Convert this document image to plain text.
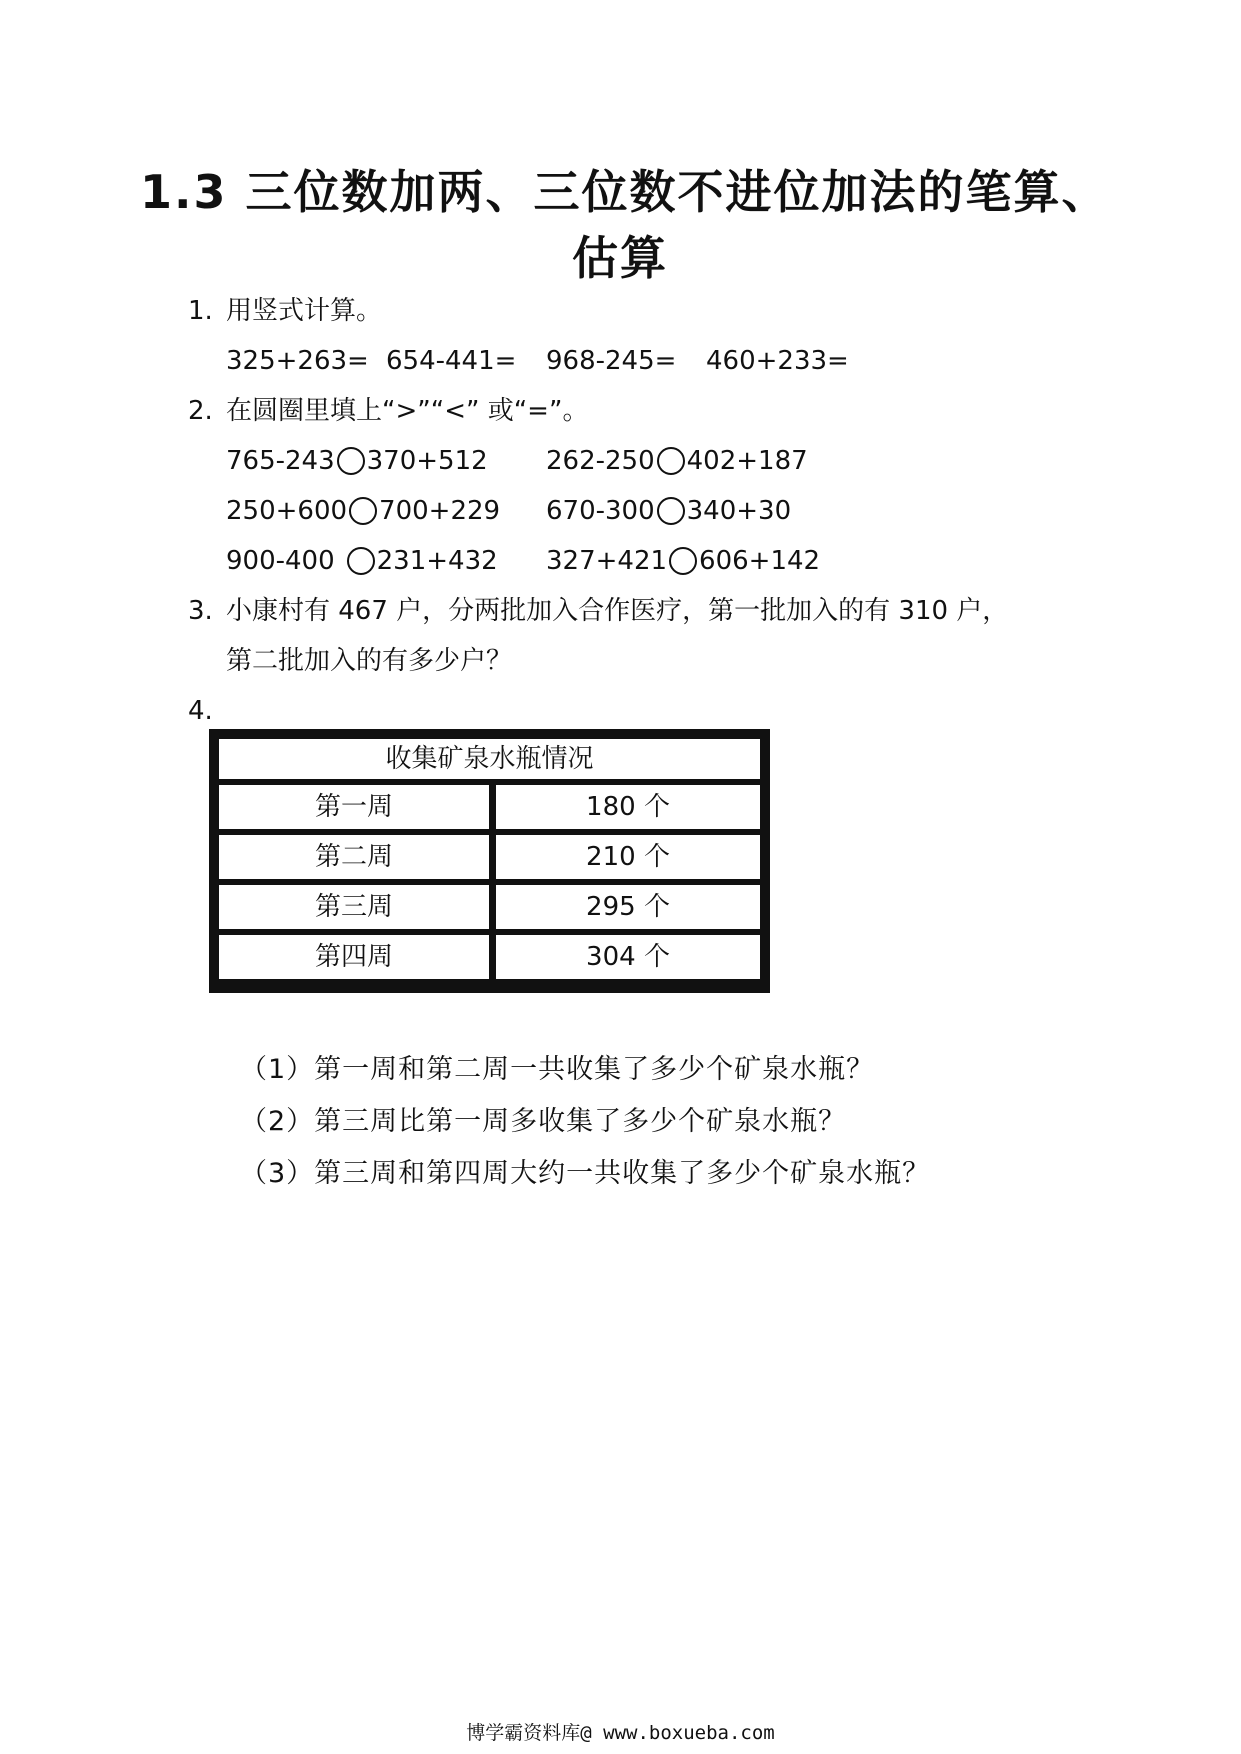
1.3 三位数加两、三位数不进位加法的笔算、
估算
1. 用竖式计算。
325+263= 654-441= 968-245= 460+233=
2. 在圆圈里填上“>”“<” 或“=”。
765-243 370+512 262-250 402+187
250+600 700+229 670-300 340+30
900-400 231+432 327+421 606+142
3. 小康村有 467 户，分两批加入合作医疗，第一批加入的有 310 户，
第二批加入的有多少户？
4.
收集矿泉水瓶情况
第一周	180 个
第二周	210 个
第三周	295 个
第四周	304 个
（1）第一周和第二周一共收集了多少个矿泉水瓶？
（2）第三周比第一周多收集了多少个矿泉水瓶？
（3）第三周和第四周大约一共收集了多少个矿泉水瓶？
博学霸资料库@ www.boxueba.com
